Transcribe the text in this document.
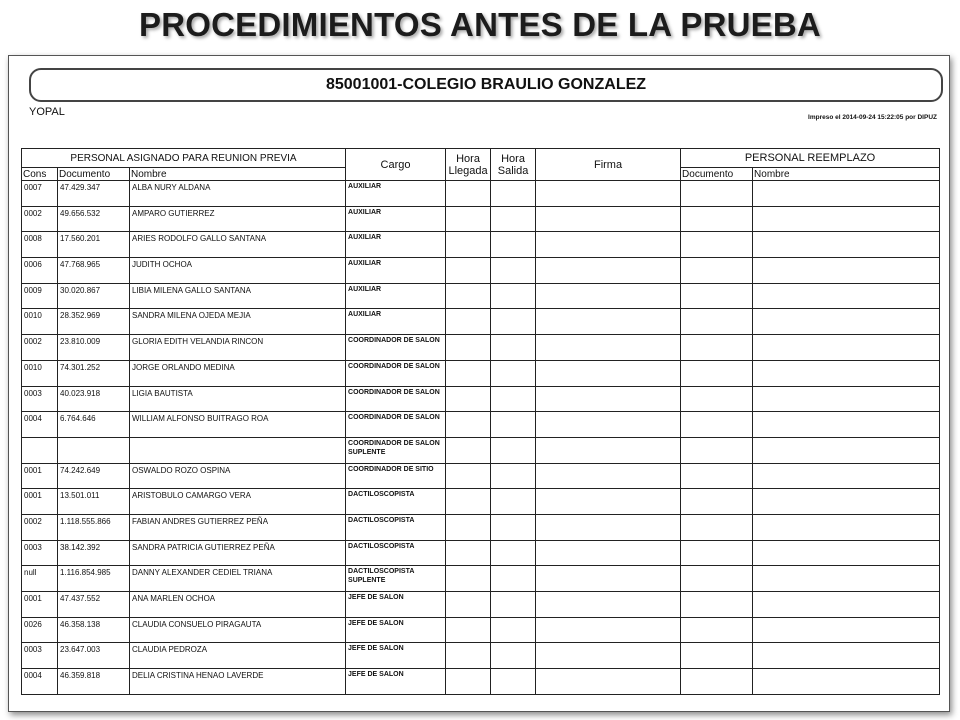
PROCEDIMIENTOS ANTES DE LA PRUEBA
85001001-COLEGIO BRAULIO GONZALEZ
YOPAL	Impreso el 2014-09-24 15:22:05 por DIPUZ
PERSONAL ASIGNADO PARA REUNION PREVIA			Cargo	Hora Llegada	Hora Salida	Firma	PERSONAL REEMPLAZO	
Cons	Documento	Nombre					Documento	Nombre
0007	47.429.347	ALBA NURY ALDANA	AUXILIAR					
0002	49.656.532	AMPARO GUTIERREZ	AUXILIAR					
0008	17.560.201	ARIES RODOLFO GALLO SANTANA	AUXILIAR					
0006	47.768.965	JUDITH OCHOA	AUXILIAR					
0009	30.020.867	LIBIA MILENA GALLO SANTANA	AUXILIAR					
0010	28.352.969	SANDRA MILENA OJEDA MEJIA	AUXILIAR					
0002	23.810.009	GLORIA EDITH VELANDIA RINCON	COORDINADOR DE SALON					
0010	74.301.252	JORGE ORLANDO MEDINA	COORDINADOR DE SALON					
0003	40.023.918	LIGIA BAUTISTA	COORDINADOR DE SALON					
0004	6.764.646	WILLIAM ALFONSO BUITRAGO ROA	COORDINADOR DE SALON					
			COORDINADOR DE SALON SUPLENTE					
0001	74.242.649	OSWALDO ROZO OSPINA	COORDINADOR DE SITIO					
0001	13.501.011	ARISTOBULO CAMARGO VERA	DACTILOSCOPISTA					
0002	1.118.555.866	FABIAN ANDRES GUTIERREZ PEÑA	DACTILOSCOPISTA					
0003	38.142.392	SANDRA PATRICIA GUTIERREZ PEÑA	DACTILOSCOPISTA					
null	1.116.854.985	DANNY ALEXANDER CEDIEL TRIANA	DACTILOSCOPISTA SUPLENTE					
0001	47.437.552	ANA MARLEN OCHOA	JEFE DE SALON					
0026	46.358.138	CLAUDIA CONSUELO PIRAGAUTA	JEFE DE SALON					
0003	23.647.003	CLAUDIA PEDROZA	JEFE DE SALON					
0004	46.359.818	DELIA CRISTINA HENAO LAVERDE	JEFE DE SALON					
